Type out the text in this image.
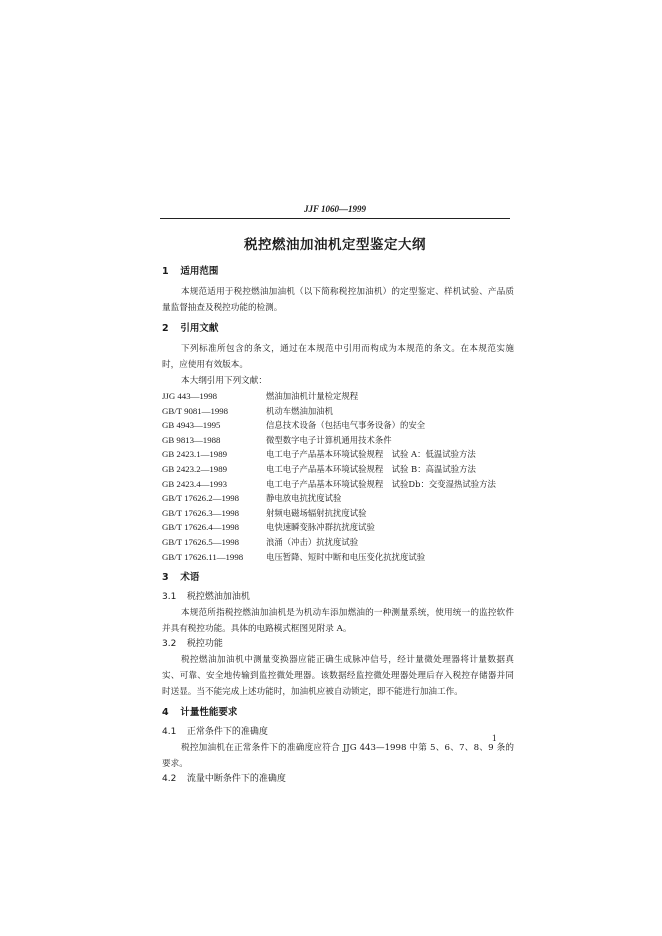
JJF 1060—1999
税控燃油加油机定型鉴定大纲
1 适用范围
本规范适用于税控燃油加油机（以下简称税控加油机）的定型鉴定、样机试验、产品质量监督抽查及税控功能的检测。
2 引用文献
下列标准所包含的条文，通过在本规范中引用而构成为本规范的条文。在本规范实施时，应使用有效版本。
本大纲引用下列文献：
JJG 443—1998	燃油加油机计量检定规程
GB/T 9081—1998	机动车燃油加油机
GB 4943—1995	信息技术设备（包括电气事务设备）的安全
GB 9813—1988	微型数字电子计算机通用技术条件
GB 2423.1—1989	电工电子产品基本环境试验规程　试验 A：低温试验方法
GB 2423.2—1989	电工电子产品基本环境试验规程　试验 B：高温试验方法
GB 2423.4—1993	电工电子产品基本环境试验规程　试验Db：交变湿热试验方法
GB/T 17626.2—1998	静电放电抗扰度试验
GB/T 17626.3—1998	射频电磁场辐射抗扰度试验
GB/T 17626.4—1998	电快速瞬变脉冲群抗扰度试验
GB/T 17626.5—1998	浪涌（冲击）抗扰度试验
GB/T 17626.11—1998	电压暂降、短时中断和电压变化抗扰度试验
3 术语
3.1 税控燃油加油机
本规范所指税控燃油加油机是为机动车添加燃油的一种测量系统，使用统一的监控软件并具有税控功能。具体的电路模式框图见附录 A。
3.2 税控功能
税控燃油加油机中测量变换器应能正确生成脉冲信号，经计量微处理器将计量数据真实、可靠、安全地传输到监控微处理器。该数据经监控微处理器处理后存入税控存储器并同时送显。当不能完成上述功能时，加油机应被自动锁定，即不能进行加油工作。
4 计量性能要求
4.1 正常条件下的准确度
税控加油机在正常条件下的准确度应符合 JJG 443—1998 中第 5、6、7、8、9 条的要求。
4.2 流量中断条件下的准确度
1
